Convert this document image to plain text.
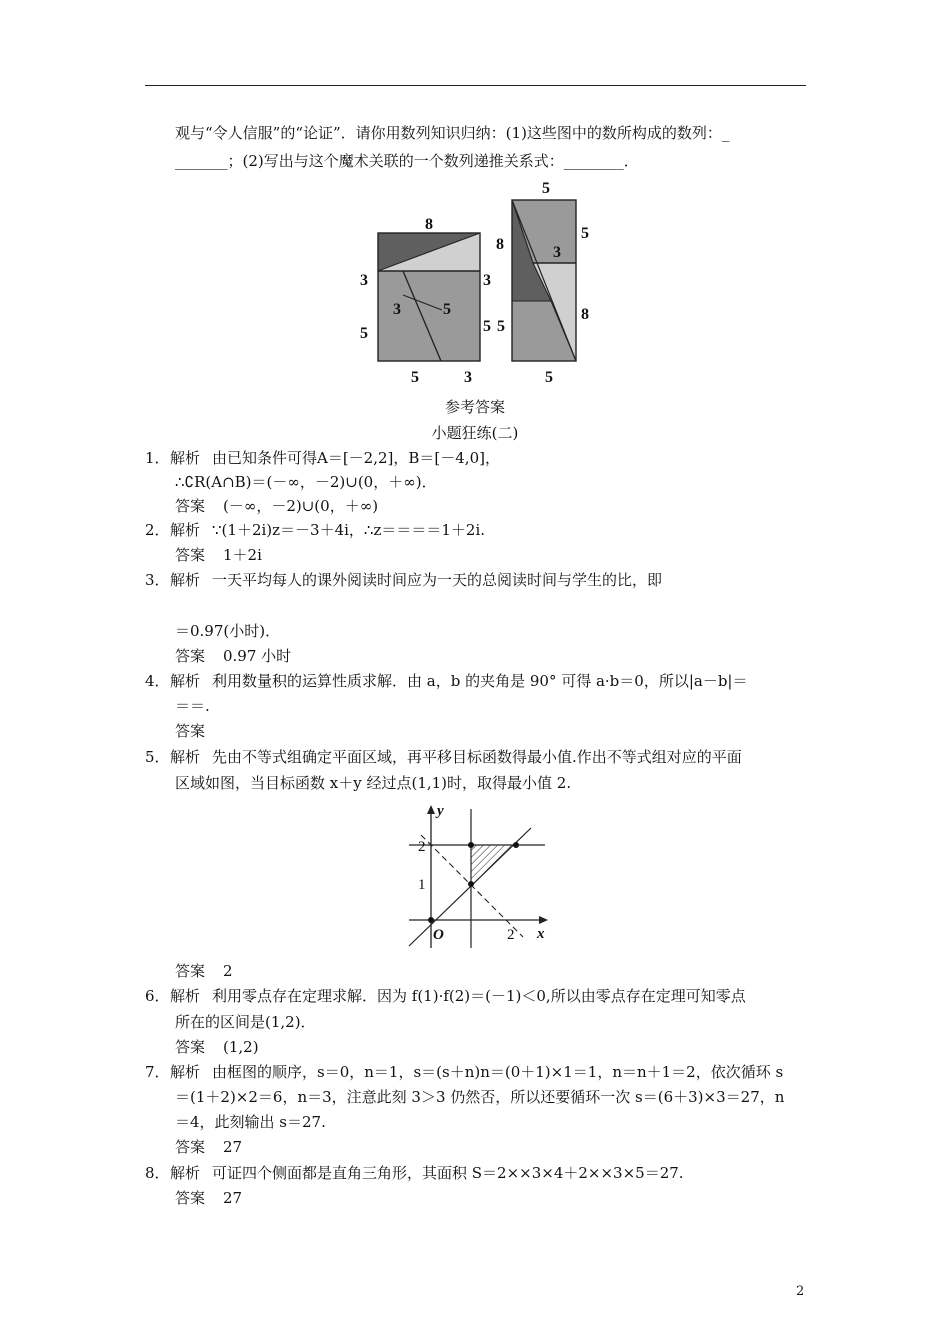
观与“令人信服”的“论证”．请你用数列知识归纳：(1)这些图中的数所构成的数列：_
_______；(2)写出与这个魔术关联的一个数列递推关系式：________．
8
3	3
5
3	5
5
5	3
5
8
5
3
5
8
5
参考答案
小题狂练(二)
1． 解析 由已知条件可得A＝[－2,2]，B＝[－4,0]，
∴∁R(A∩B)＝(－∞，－2)∪(0，＋∞)．
答案 (－∞，－2)∪(0，＋∞)
2． 解析 ∵(1＋2i)z＝－3＋4i，∴z＝＝＝＝1＋2i.
答案 1＋2i
3． 解析 一天平均每人的课外阅读时间应为一天的总阅读时间与学生的比，即
＝0.97(小时)．
答案 0.97 小时
4． 解析 利用数量积的运算性质求解．由 a，b 的夹角是 90° 可得 a·b＝0，所以|a－b|＝
＝＝.
答案
5． 解析 先由不等式组确定平面区域，再平移目标函数得最小值.作出不等式组对应的平面
区域如图，当目标函数 x＋y 经过点(1,1)时，取得最小值 2.
y
x
O
1
2
2
答案 2
6． 解析 利用零点存在定理求解．因为 f(1)·f(2)＝(－1)＜0,所以由零点存在定理可知零点
所在的区间是(1,2)．
答案 (1,2)
7． 解析 由框图的顺序，s＝0，n＝1，s＝(s＋n)n＝(0＋1)×1＝1，n＝n＋1＝2，依次循环 s
＝(1＋2)×2＝6，n＝3，注意此刻 3＞3 仍然否，所以还要循环一次 s＝(6＋3)×3＝27，n
＝4，此刻输出 s＝27.
答案 27
8． 解析 可证四个侧面都是直角三角形，其面积 S＝2××3×4＋2××3×5＝27.
答案 27
2
